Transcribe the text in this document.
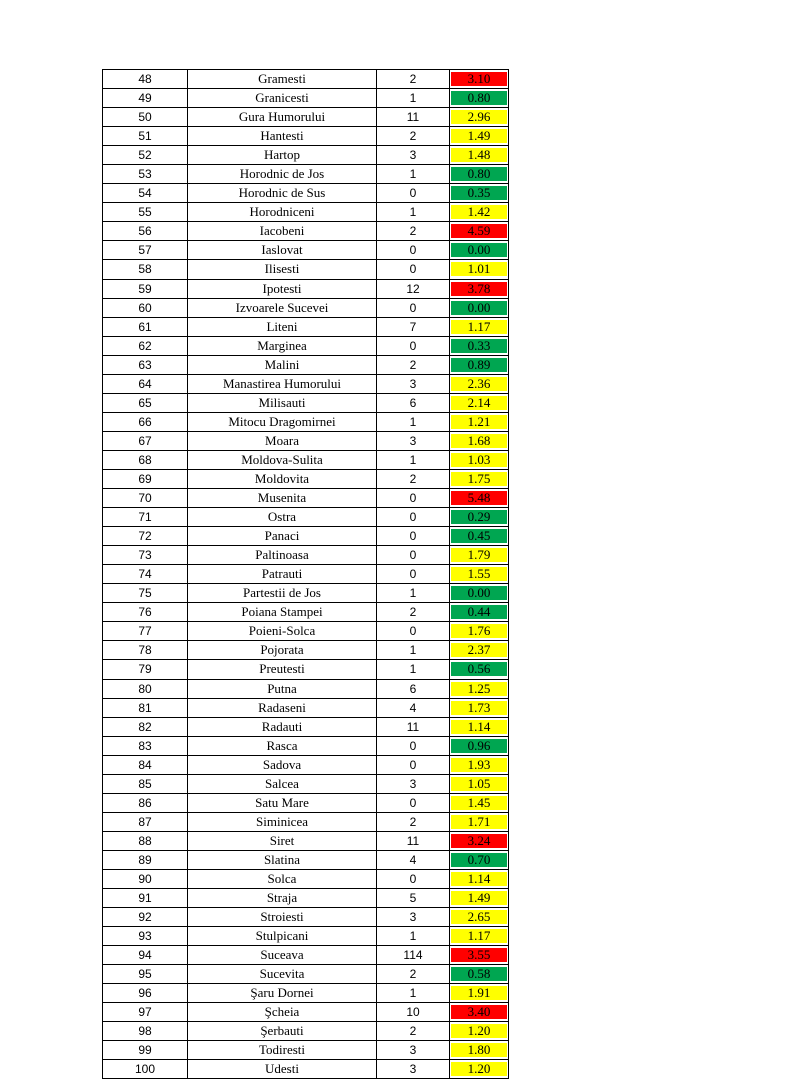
48	Gramesti	2	3.10

49	Granicesti	1	0.80

50	Gura Humorului	11	2.96

51	Hantesti	2	1.49

52	Hartop	3	1.48

53	Horodnic de Jos	1	0.80

54	Horodnic de Sus	0	0.35

55	Horodniceni	1	1.42

56	Iacobeni	2	4.59

57	Iaslovat	0	0.00

58	Ilisesti	0	1.01

59	Ipotesti	12	3.78

60	Izvoarele Sucevei	0	0.00

61	Liteni	7	1.17

62	Marginea	0	0.33

63	Malini	2	0.89

64	Manastirea Humorului	3	2.36

65	Milisauti	6	2.14

66	Mitocu Dragomirnei	1	1.21

67	Moara	3	1.68

68	Moldova-Sulita	1	1.03

69	Moldovita	2	1.75

70	Musenita	0	5.48

71	Ostra	0	0.29

72	Panaci	0	0.45

73	Paltinoasa	0	1.79

74	Patrauti	0	1.55

75	Partestii de Jos	1	0.00

76	Poiana Stampei	2	0.44

77	Poieni-Solca	0	1.76

78	Pojorata	1	2.37

79	Preutesti	1	0.56

80	Putna	6	1.25

81	Radaseni	4	1.73

82	Radauti	11	1.14

83	Rasca	0	0.96

84	Sadova	0	1.93

85	Salcea	3	1.05

86	Satu Mare	0	1.45

87	Siminicea	2	1.71

88	Siret	11	3.24

89	Slatina	4	0.70

90	Solca	0	1.14

91	Straja	5	1.49

92	Stroiesti	3	2.65

93	Stulpicani	1	1.17

94	Suceava	114	3.55

95	Sucevita	2	0.58

96	Şaru Dornei	1	1.91

97	Şcheia	10	3.40

98	Şerbauti	2	1.20

99	Todiresti	3	1.80

100	Udesti	3	1.20
